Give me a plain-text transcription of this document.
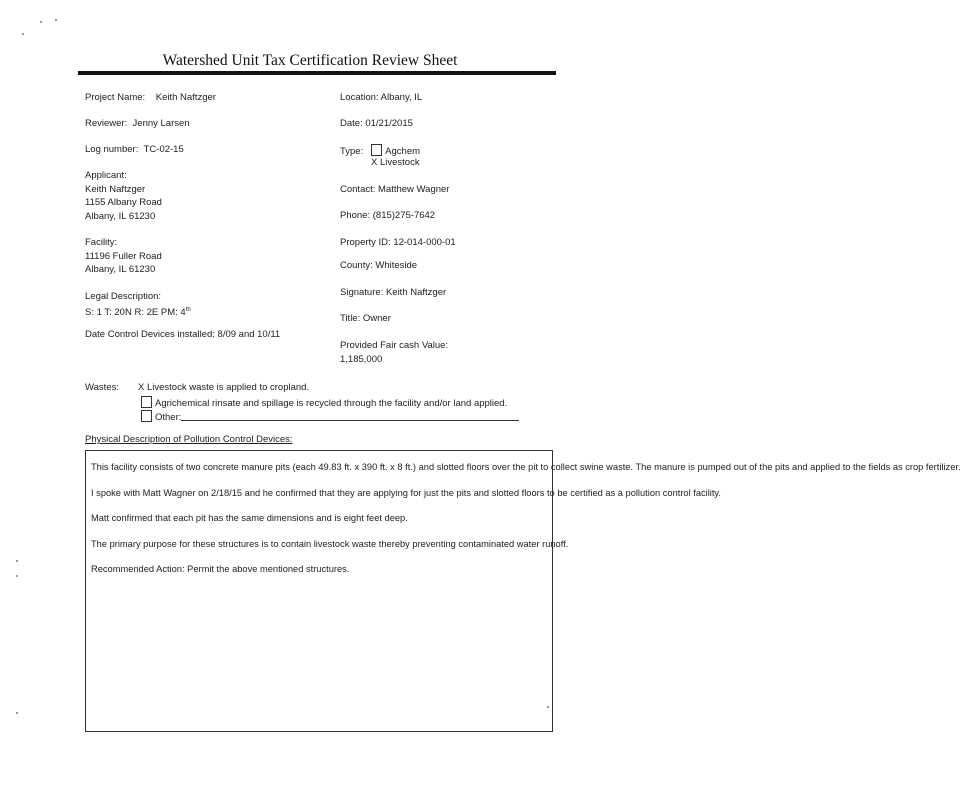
Watershed Unit Tax Certification Review Sheet
Project Name: Keith Naftzger
Reviewer: Jenny Larsen
Log number: TC-02-15
Applicant:
Keith Naftzger
1155 Albany Road
Albany, IL 61230
Facility:
11196 Fuller Road
Albany, IL 61230
Legal Description:
S: 1 T: 20N R: 2E PM: 4th
Date Control Devices installed: 8/09 and 10/11
Location: Albany, IL
Date: 01/21/2015
Type: Agchem
X Livestock
Contact: Matthew Wagner
Phone: (815)275-7642
Property ID: 12-014-000-01
County: Whiteside
Signature: Keith Naftzger
Title: Owner
Provided Fair cash Value:
1,185,000
Wastes: X Livestock waste is applied to cropland.
Agrichemical rinsate and spillage is recycled through the facility and/or land applied.
Other:
Physical Description of Pollution Control Devices:

This facility consists of two concrete manure pits (each 49.83 ft. x 390 ft. x 8 ft.) and slotted floors over the pit to collect swine waste. The manure is pumped out of the pits and applied to the fields as crop fertilizer.

I spoke with Matt Wagner on 2/18/15 and he confirmed that they are applying for just the pits and slotted floors to be certified as a pollution control facility.

Matt confirmed that each pit has the same dimensions and is eight feet deep.

The primary purpose for these structures is to contain livestock waste thereby preventing contaminated water runoff.

Recommended Action: Permit the above mentioned structures.
